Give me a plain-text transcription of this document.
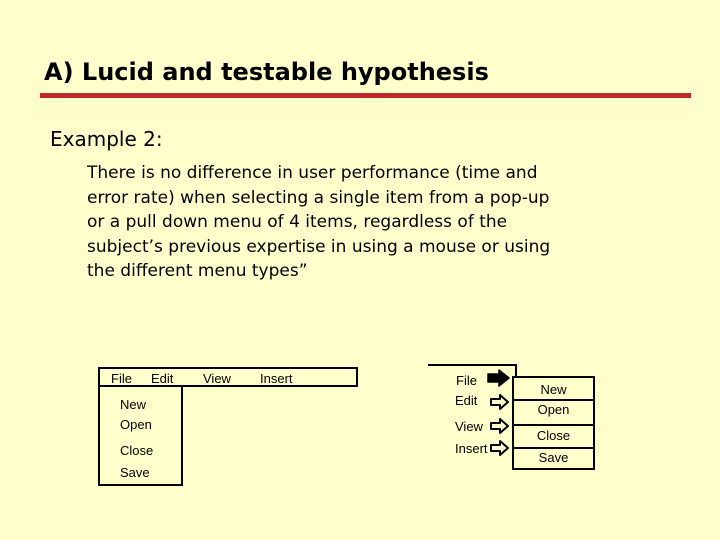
A) Lucid and testable hypothesis
Example 2:
There is no difference in user performance (time and
error rate) when selecting a single item from a pop-up
or a pull down menu of 4 items, regardless of the
subject’s previous expertise in using a mouse or using
the different menu types”
File Edit View Insert
New
Open
Close
Save
File
Edit
View
Insert
New
Open
Close
Save
